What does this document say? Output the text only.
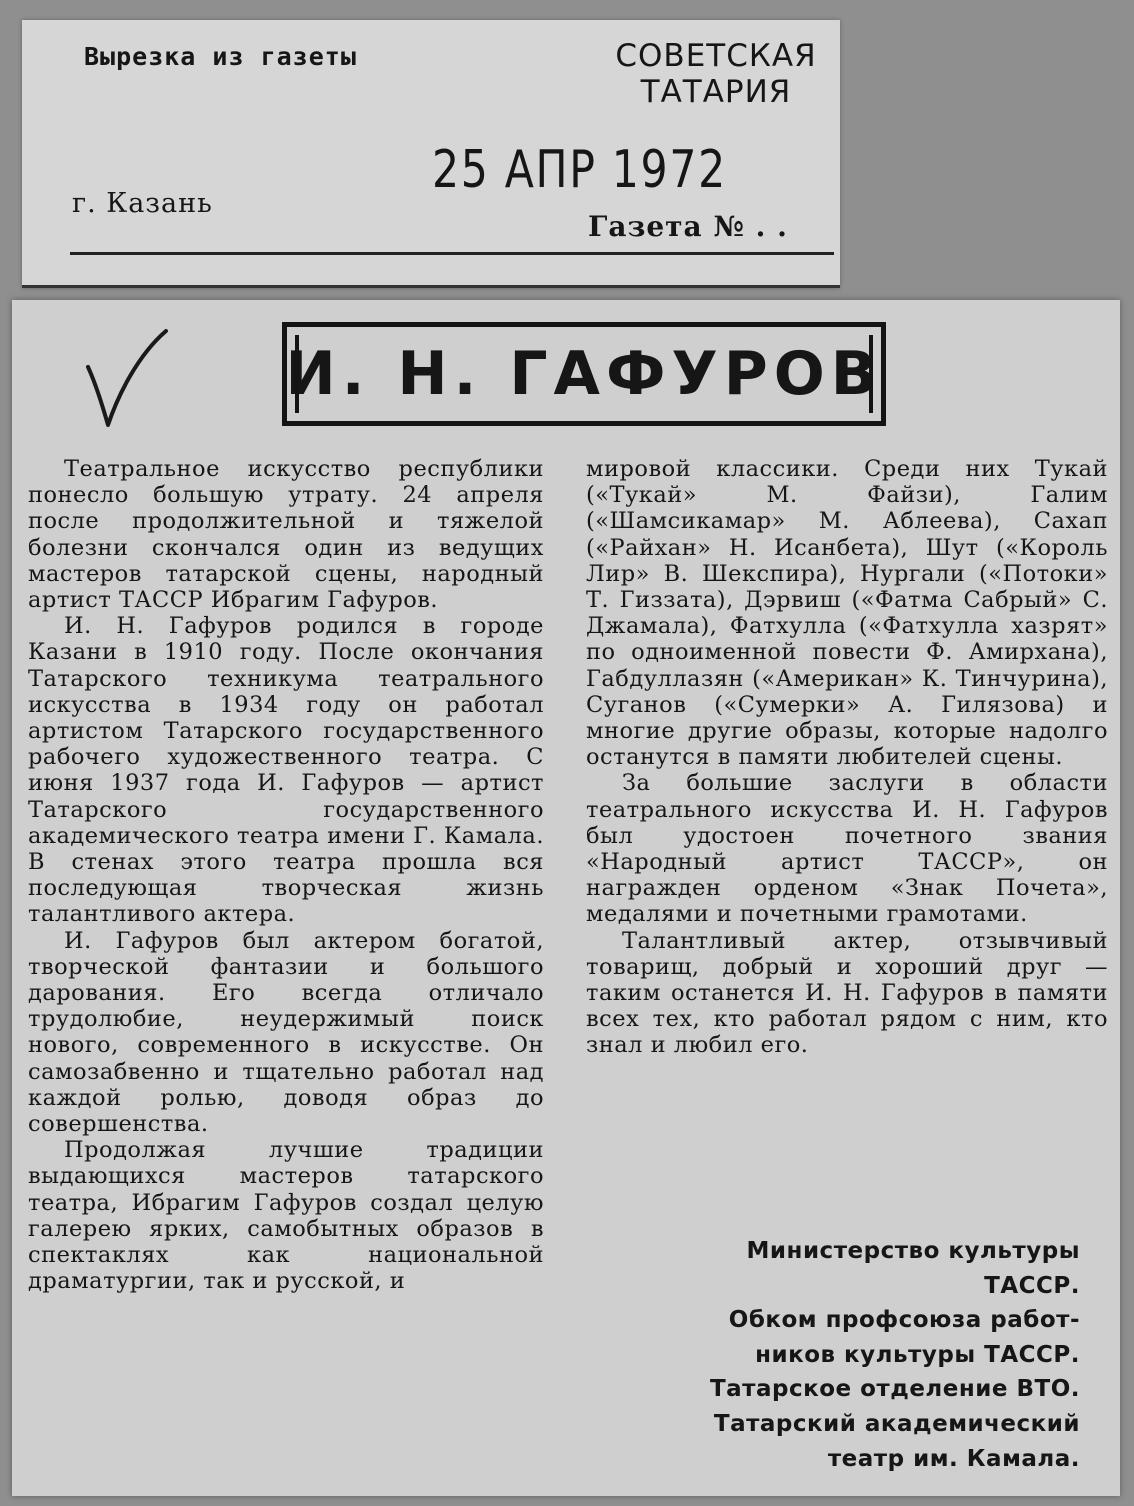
Вырезка из газеты	СОВЕТСКАЯ
ТАТАРИЯ
25 АПР 1972
г. Казань
Газета № . .
И. Н. ГАФУРОВ

Театральное искусство республики понесло большую утрату. 24 апреля после продолжительной и тяжелой болезни скончался один из ведущих мастеров татарской сцены, народный артист ТАССР Ибрагим Гафуров.

И. Н. Гафуров родился в городе Казани в 1910 году. После окончания Татарского техникума театрального искусства в 1934 году он работал артистом Татарского государственного рабочего художественного театра. С июня 1937 года И. Гафуров — артист Татарского государственного академического театра имени Г. Камала. В стенах этого театра прошла вся последующая творческая жизнь талантливого актера.

И. Гафуров был актером богатой, творческой фантазии и большого дарования. Его всегда отличало трудолюбие, неудержимый поиск нового, современного в искусстве. Он самозабвенно и тщательно работал над каждой ролью, доводя образ до совершенства.

Продолжая лучшие традиции выдающихся мастеров татарского театра, Ибрагим Гафуров создал целую галерею ярких, самобытных образов в спектаклях как национальной драматургии, так и русской, и

мировой классики. Среди них Тукай («Тукай» М. Файзи), Галим («Шамсикамар» М. Аблеева), Сахап («Райхан» Н. Исанбета), Шут («Король Лир» В. Шекспира), Нургали («Потоки» Т. Гиззата), Дэрвиш («Фатма Сабрый» С. Джамала), Фатхулла («Фатхулла хазрят» по одноименной повести Ф. Амирхана), Габдуллазян («Американ» К. Тинчурина), Суганов («Сумерки» А. Гилязова) и многие другие образы, которые надолго останутся в памяти любителей сцены.

За большие заслуги в области театрального искусства И. Н. Гафуров был удостоен почетного звания «Народный артист ТАССР», он награжден орденом «Знак Почета», медалями и почетными грамотами.

Талантливый актер, отзывчивый товарищ, добрый и хороший друг — таким останется И. Н. Гафуров в памяти всех тех, кто работал рядом с ним, кто знал и любил его.

Министерство культуры
ТАССР.
Обком профсоюза работ-
ников культуры ТАССР.
Татарское отделение ВТО.
Татарский академический
театр им. Камала.
